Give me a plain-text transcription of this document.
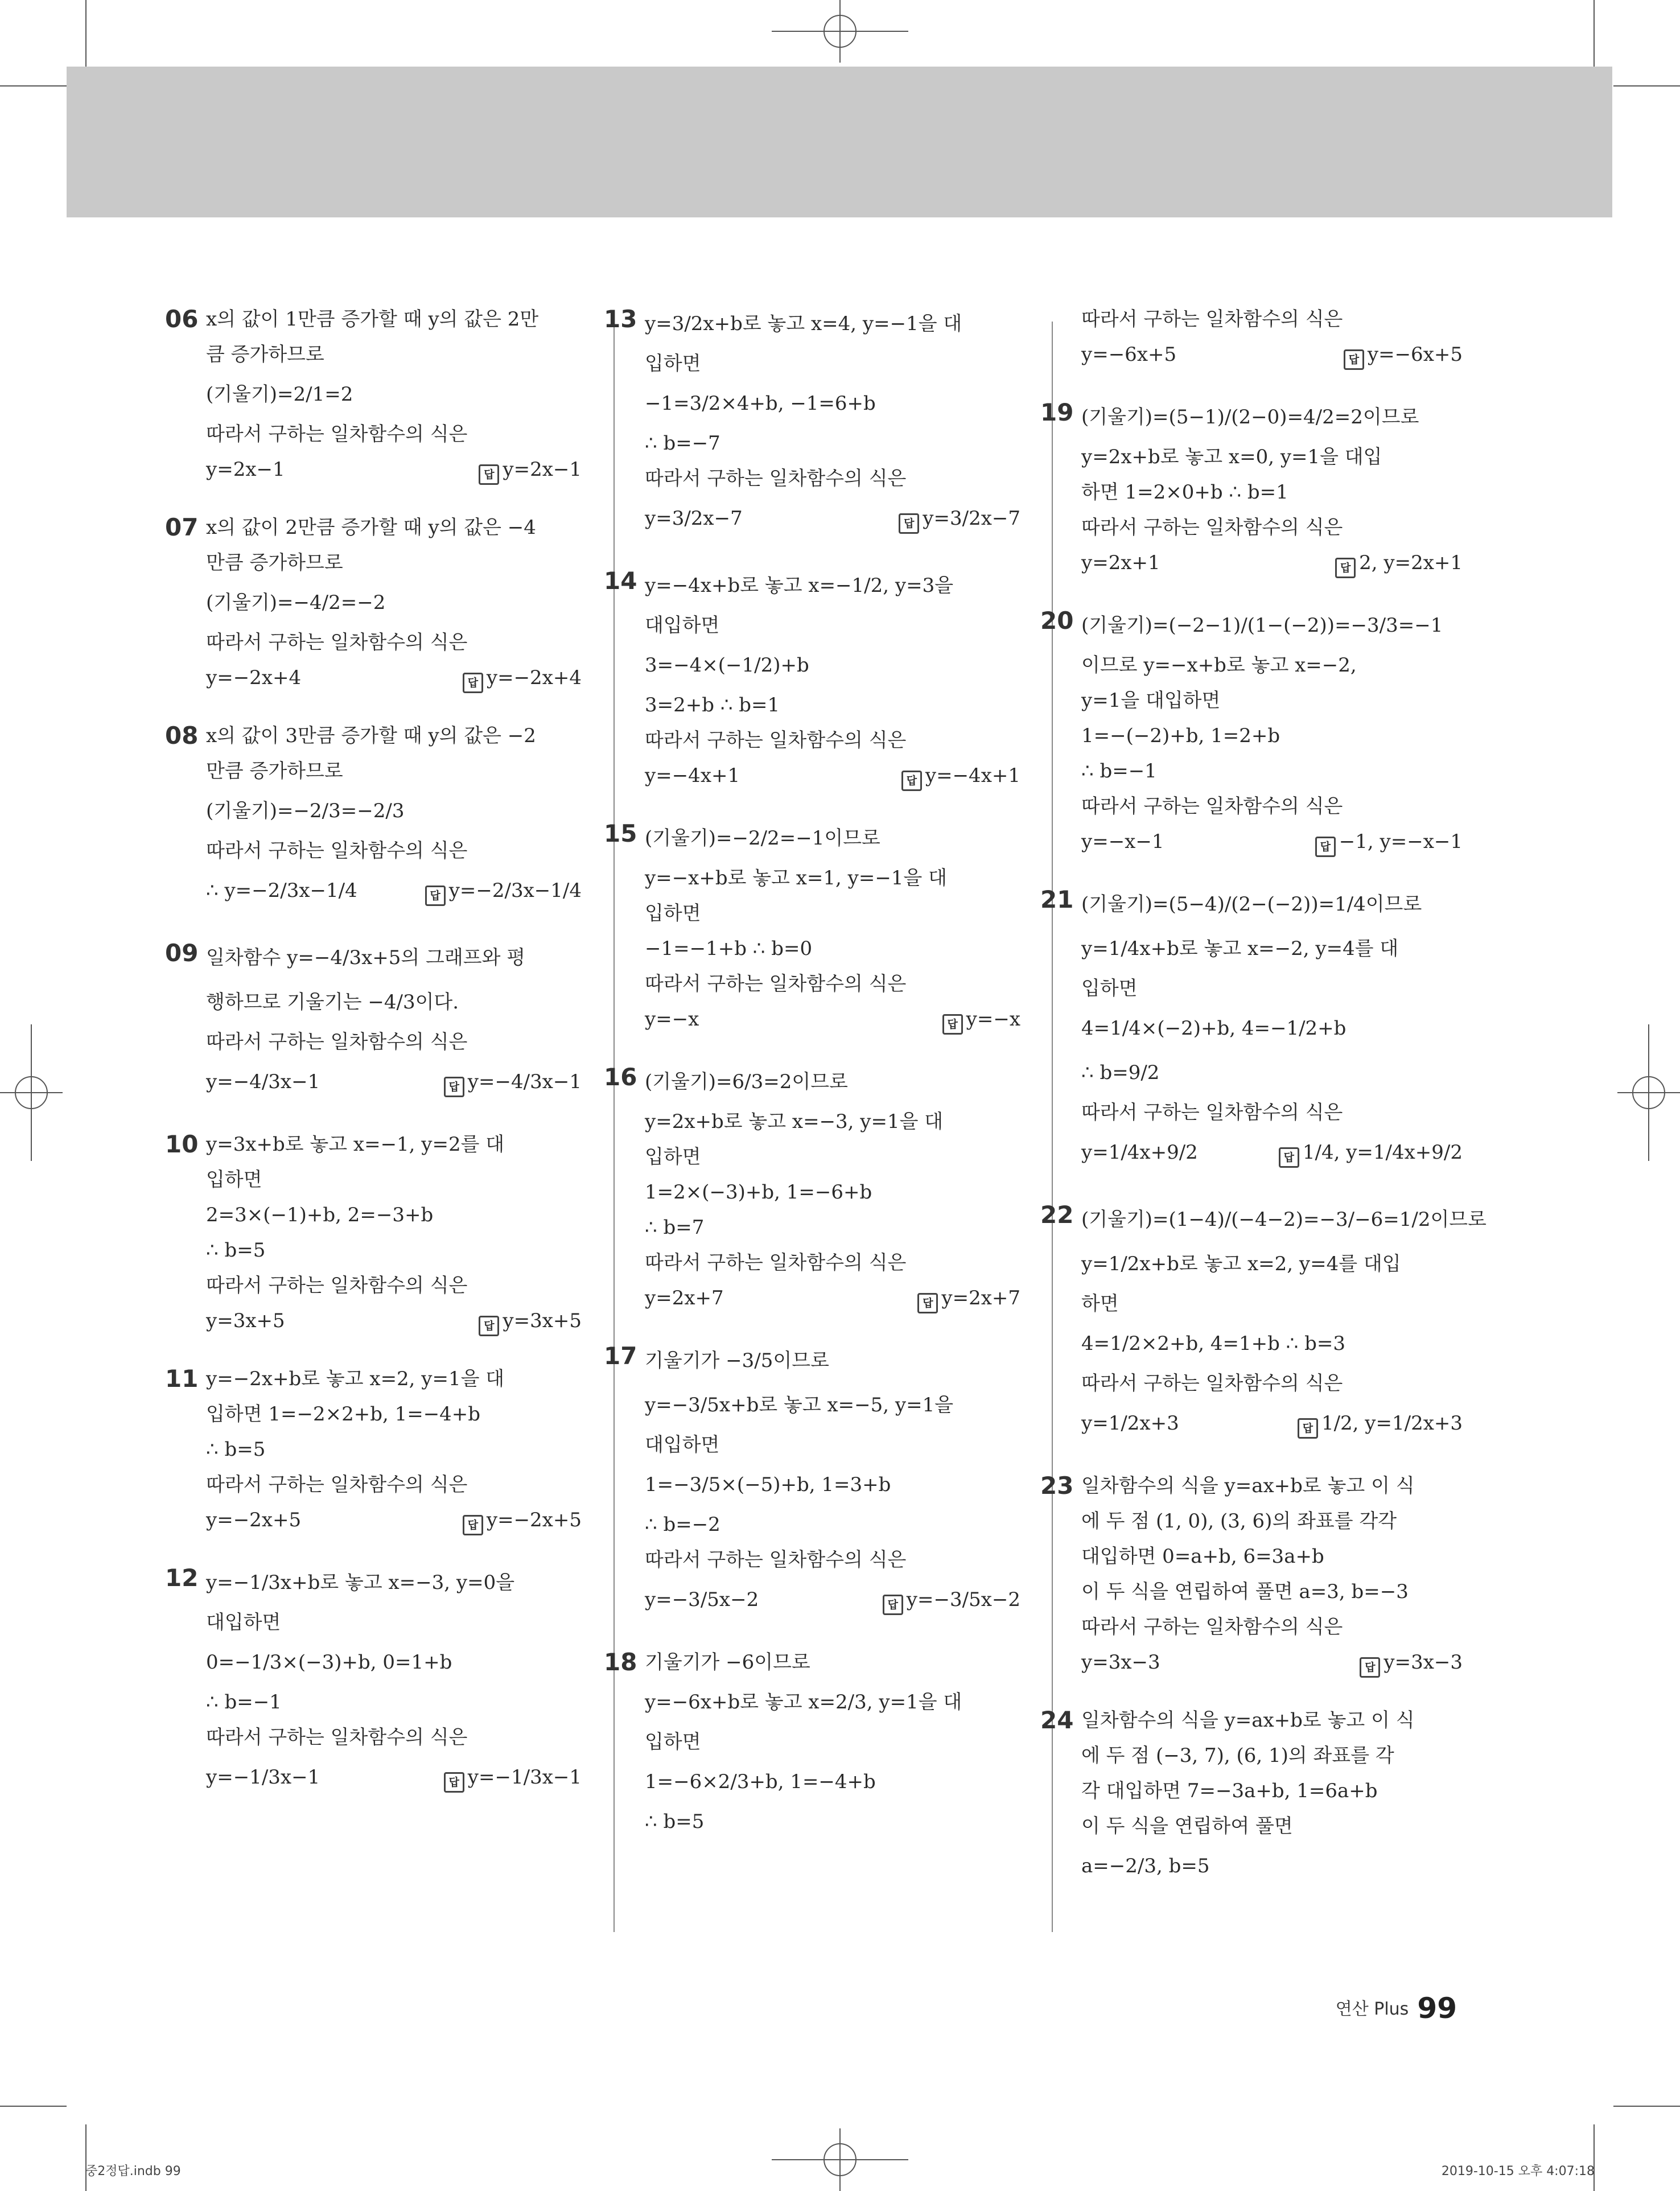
06 x의 값이 1만큼 증가할 때 y의 값은 2만
큼 증가하므로
(기울기)=2/1=2
따라서 구하는 일차함수의 식은
y=2x−1	답 y=2x−1
07 x의 값이 2만큼 증가할 때 y의 값은 −4
만큼 증가하므로
(기울기)=−4/2=−2
따라서 구하는 일차함수의 식은
y=−2x+4	답 y=−2x+4
08 x의 값이 3만큼 증가할 때 y의 값은 −2
만큼 증가하므로
(기울기)=−2/3=−2/3
따라서 구하는 일차함수의 식은
∴ y=−2/3x−1/4	답 y=−2/3x−1/4
09 일차함수 y=−4/3x+5의 그래프와 평
행하므로 기울기는 −4/3이다.
따라서 구하는 일차함수의 식은
y=−4/3x−1	답 y=−4/3x−1
10 y=3x+b로 놓고 x=−1, y=2를 대
입하면
2=3×(−1)+b, 2=−3+b
∴ b=5
따라서 구하는 일차함수의 식은
y=3x+5	답 y=3x+5
11 y=−2x+b로 놓고 x=2, y=1을 대
입하면 1=−2×2+b, 1=−4+b
∴ b=5
따라서 구하는 일차함수의 식은
y=−2x+5	답 y=−2x+5
12 y=−1/3x+b로 놓고 x=−3, y=0을
대입하면
0=−1/3×(−3)+b, 0=1+b
∴ b=−1
따라서 구하는 일차함수의 식은
y=−1/3x−1	답 y=−1/3x−1
13 y=3/2x+b로 놓고 x=4, y=−1을 대
입하면
−1=3/2×4+b, −1=6+b
∴ b=−7
따라서 구하는 일차함수의 식은
y=3/2x−7	답 y=3/2x−7
14 y=−4x+b로 놓고 x=−1/2, y=3을
대입하면
3=−4×(−1/2)+b
3=2+b ∴ b=1
따라서 구하는 일차함수의 식은
y=−4x+1	답 y=−4x+1
15 (기울기)=−2/2=−1이므로
y=−x+b로 놓고 x=1, y=−1을 대
입하면
−1=−1+b ∴ b=0
따라서 구하는 일차함수의 식은
y=−x	답 y=−x
16 (기울기)=6/3=2이므로
y=2x+b로 놓고 x=−3, y=1을 대
입하면
1=2×(−3)+b, 1=−6+b
∴ b=7
따라서 구하는 일차함수의 식은
y=2x+7	답 y=2x+7
17 기울기가 −3/5이므로
y=−3/5x+b로 놓고 x=−5, y=1을
대입하면
1=−3/5×(−5)+b, 1=3+b
∴ b=−2
따라서 구하는 일차함수의 식은
y=−3/5x−2	답 y=−3/5x−2
18 기울기가 −6이므로
y=−6x+b로 놓고 x=2/3, y=1을 대
입하면
1=−6×2/3+b, 1=−4+b
∴ b=5
따라서 구하는 일차함수의 식은
y=−6x+5	답 y=−6x+5
19 (기울기)=(5−1)/(2−0)=4/2=2이므로
y=2x+b로 놓고 x=0, y=1을 대입
하면 1=2×0+b ∴ b=1
따라서 구하는 일차함수의 식은
y=2x+1	답 2, y=2x+1
20 (기울기)=(−2−1)/(1−(−2))=−3/3=−1
이므로 y=−x+b로 놓고 x=−2,
y=1을 대입하면
1=−(−2)+b, 1=2+b
∴ b=−1
따라서 구하는 일차함수의 식은
y=−x−1	답 −1, y=−x−1
21 (기울기)=(5−4)/(2−(−2))=1/4이므로
y=1/4x+b로 놓고 x=−2, y=4를 대
입하면
4=1/4×(−2)+b, 4=−1/2+b
∴ b=9/2
따라서 구하는 일차함수의 식은
y=1/4x+9/2	답 1/4, y=1/4x+9/2
22 (기울기)=(1−4)/(−4−2)=−3/−6=1/2이므로
y=1/2x+b로 놓고 x=2, y=4를 대입
하면
4=1/2×2+b, 4=1+b ∴ b=3
따라서 구하는 일차함수의 식은
y=1/2x+3	답 1/2, y=1/2x+3
23 일차함수의 식을 y=ax+b로 놓고 이 식
에 두 점 (1, 0), (3, 6)의 좌표를 각각
대입하면 0=a+b, 6=3a+b
이 두 식을 연립하여 풀면 a=3, b=−3
따라서 구하는 일차함수의 식은
y=3x−3	답 y=3x−3
24 일차함수의 식을 y=ax+b로 놓고 이 식
에 두 점 (−3, 7), (6, 1)의 좌표를 각
각 대입하면 7=−3a+b, 1=6a+b
이 두 식을 연립하여 풀면
a=−2/3, b=5
연산 Plus 99
중2정답.indb 99	2019-10-15 오후 4:07:18
